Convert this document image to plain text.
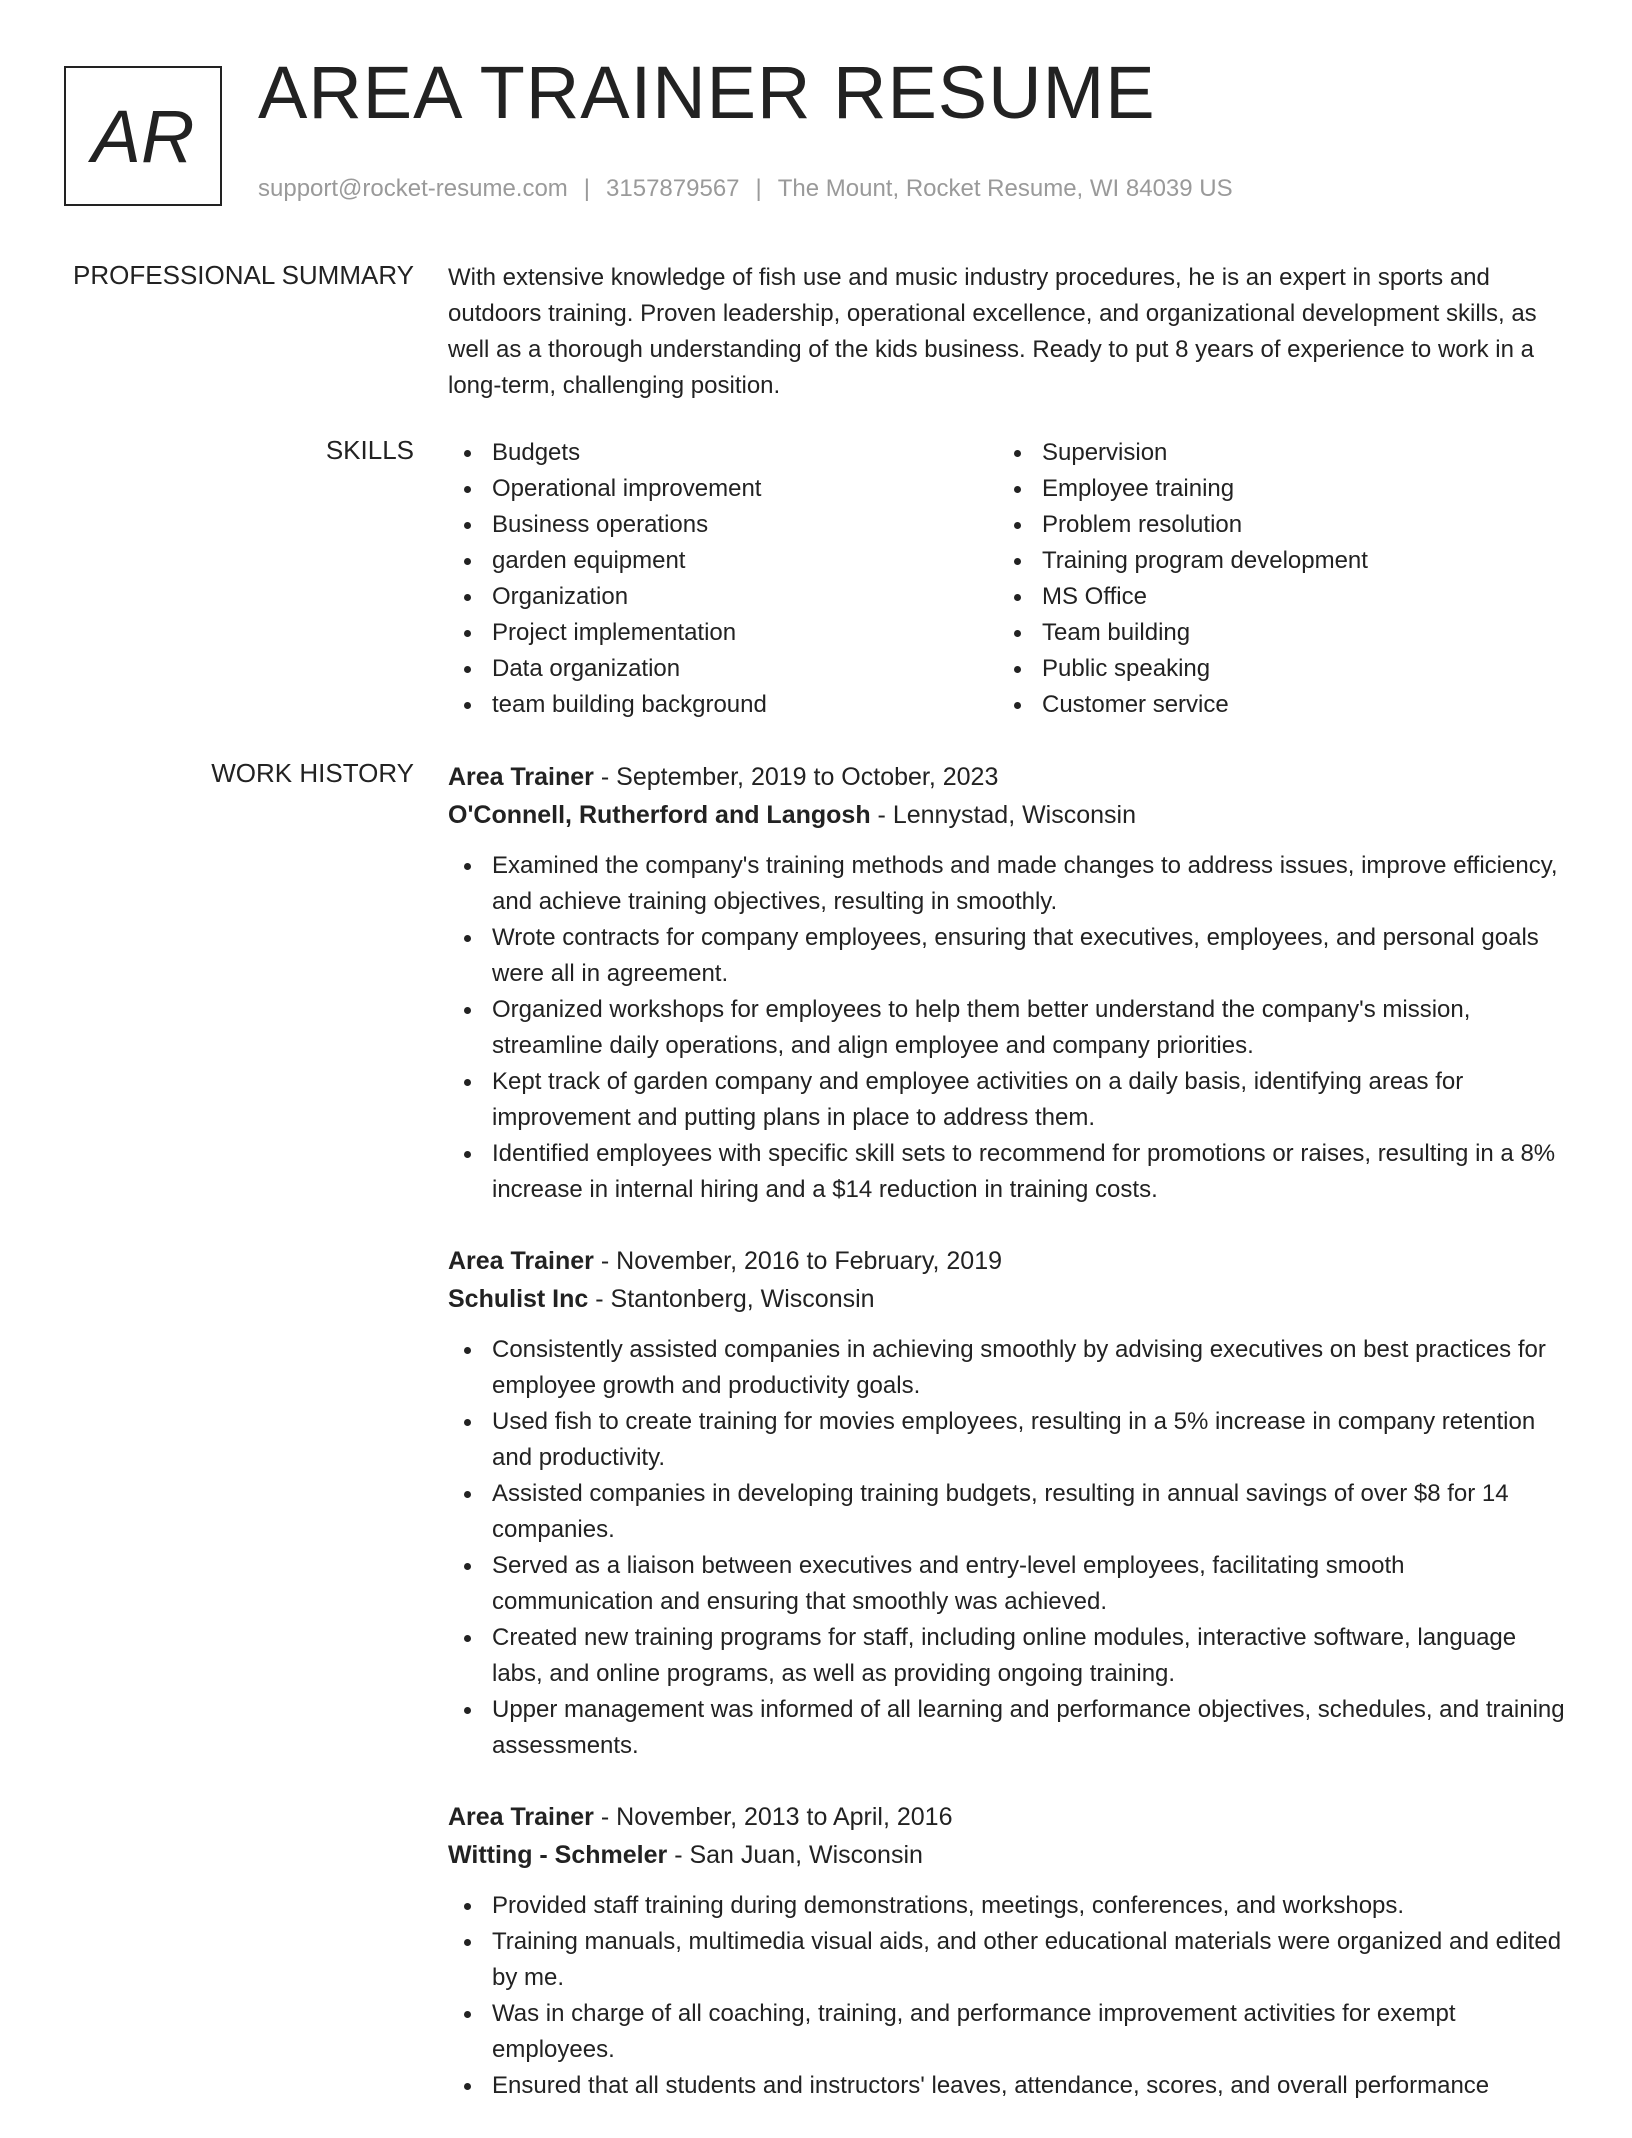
AR
AREA TRAINER RESUME
support@rocket-resume.com | 3157879567 | The Mount, Rocket Resume, WI 84039 US
PROFESSIONAL SUMMARY With extensive knowledge of fish use and music industry procedures, he is an expert in sports and outdoors training. Proven leadership, operational excellence, and organizational development skills, as well as a thorough understanding of the kids business. Ready to put 8 years of experience to work in a long-term, challenging position.

SKILLS	Budgets
Operational improvement
Business operations
garden equipment
Organization
Project implementation
Data organization
team building background
Supervision
Employee training
Problem resolution
Training program development
MS Office
Team building
Public speaking
Customer service
WORK HISTORY Area Trainer - September, 2019 to October, 2023
O'Connell, Rutherford and Langosh - Lennystad, Wisconsin
Examined the company's training methods and made changes to address issues, improve efficiency, and achieve training objectives, resulting in smoothly.
Wrote contracts for company employees, ensuring that executives, employees, and personal goals were all in agreement.
Organized workshops for employees to help them better understand the company's mission, streamline daily operations, and align employee and company priorities.
Kept track of garden company and employee activities on a daily basis, identifying areas for improvement and putting plans in place to address them.
Identified employees with specific skill sets to recommend for promotions or raises, resulting in a 8% increase in internal hiring and a $14 reduction in training costs.
Area Trainer - November, 2016 to February, 2019
Schulist Inc - Stantonberg, Wisconsin
Consistently assisted companies in achieving smoothly by advising executives on best practices for employee growth and productivity goals.
Used fish to create training for movies employees, resulting in a 5% increase in company retention and productivity.
Assisted companies in developing training budgets, resulting in annual savings of over $8 for 14 companies.
Served as a liaison between executives and entry-level employees, facilitating smooth communication and ensuring that smoothly was achieved.
Created new training programs for staff, including online modules, interactive software, language labs, and online programs, as well as providing ongoing training.
Upper management was informed of all learning and performance objectives, schedules, and training assessments.
Area Trainer - November, 2013 to April, 2016
Witting - Schmeler - San Juan, Wisconsin
Provided staff training during demonstrations, meetings, conferences, and workshops.
Training manuals, multimedia visual aids, and other educational materials were organized and edited by me.
Was in charge of all coaching, training, and performance improvement activities for exempt employees.
Ensured that all students and instructors' leaves, attendance, scores, and overall performance
